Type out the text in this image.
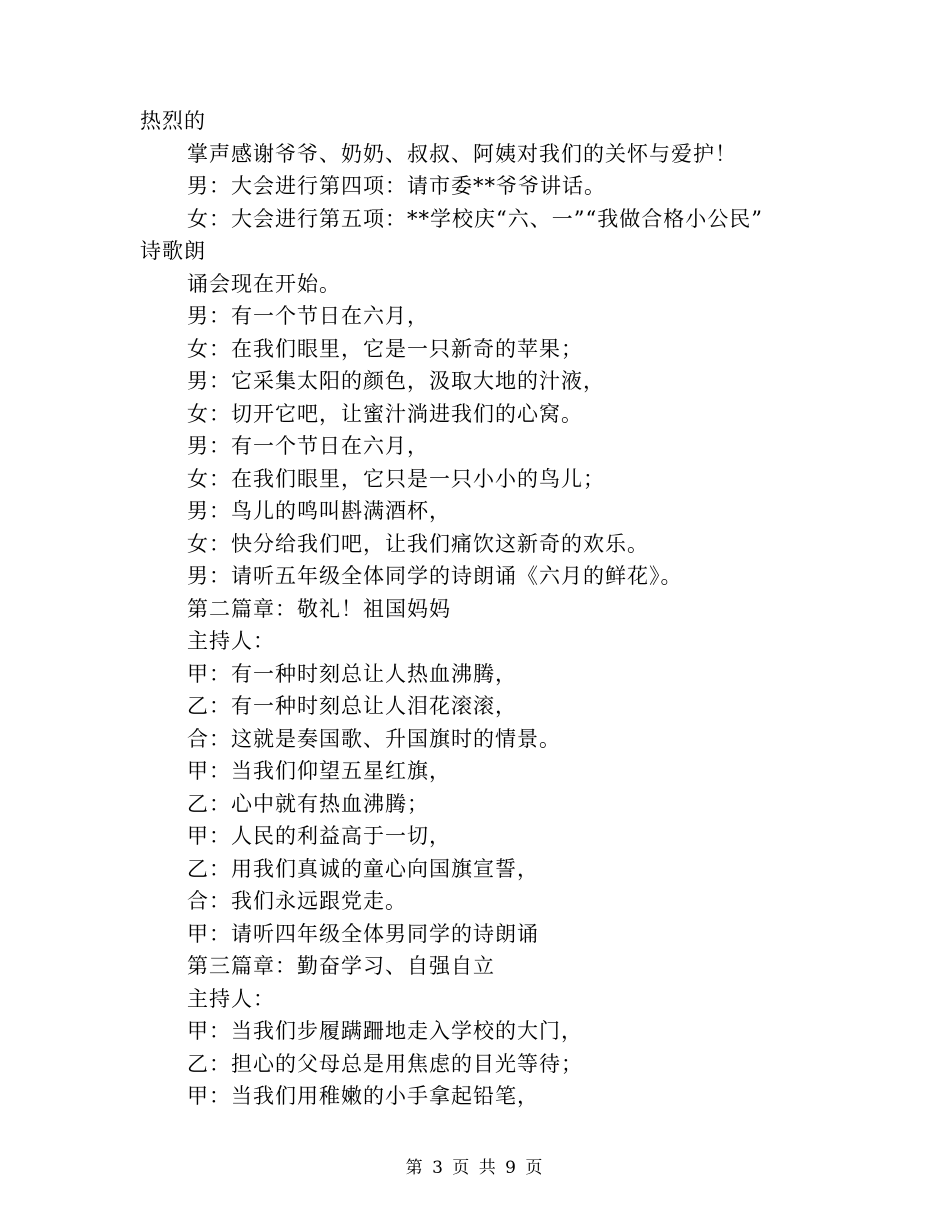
热烈的
掌声感谢爷爷、奶奶、叔叔、阿姨对我们的关怀与爱护！
男：大会进行第四项：请市委**爷爷讲话。
女：大会进行第五项：**学校庆“六、一”“我做合格小公民”
诗歌朗
诵会现在开始。
男：有一个节日在六月，
女：在我们眼里，它是一只新奇的苹果；
男：它采集太阳的颜色，汲取大地的汁液，
女：切开它吧，让蜜汁淌进我们的心窝。
男：有一个节日在六月，
女：在我们眼里，它只是一只小小的鸟儿；
男：鸟儿的鸣叫斟满酒杯，
女：快分给我们吧，让我们痛饮这新奇的欢乐。
男：请听五年级全体同学的诗朗诵《六月的鲜花》。
第二篇章：敬礼！祖国妈妈
主持人：
甲：有一种时刻总让人热血沸腾，
乙：有一种时刻总让人泪花滚滚，
合：这就是奏国歌、升国旗时的情景。
甲：当我们仰望五星红旗，
乙：心中就有热血沸腾；
甲：人民的利益高于一切，
乙：用我们真诚的童心向国旗宣誓，
合：我们永远跟党走。
甲：请听四年级全体男同学的诗朗诵
第三篇章：勤奋学习、自强自立
主持人：
甲：当我们步履蹒跚地走入学校的大门，
乙：担心的父母总是用焦虑的目光等待；
甲：当我们用稚嫩的小手拿起铅笔，
第 3 页 共 9 页
